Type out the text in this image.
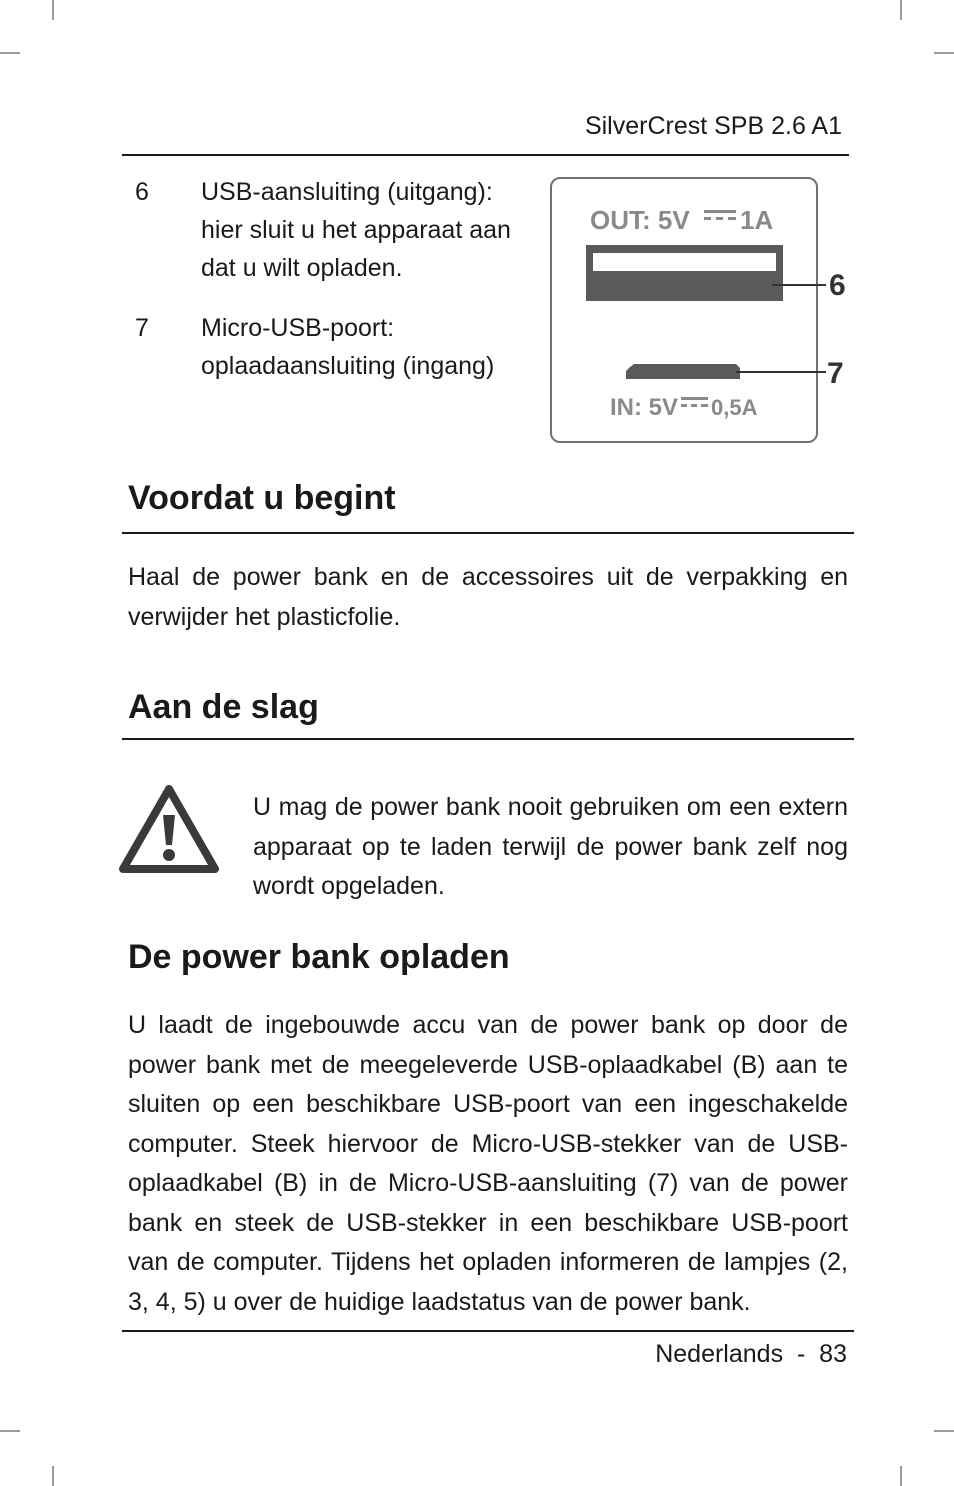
SilverCrest SPB 2.6 A1
6	USB-aansluiting (uitgang): hier sluit u het apparaat aan dat u wilt opladen.
7	Micro-USB-poort: oplaadaansluiting (ingang)
OUT: 5V 1A
6
7
IN: 5V 0,5A
Voordat u begint

Haal de power bank en de accessoires uit de verpakking en verwijder het plasticfolie.

Aan de slag

U mag de power bank nooit gebruiken om een extern apparaat op te laden terwijl de power bank zelf nog wordt opgeladen.

De power bank opladen

U laadt de ingebouwde accu van de power bank op door de power bank met de meegeleverde USB-oplaadkabel (B) aan te sluiten op een beschikbare USB-poort van een ingeschakelde computer. Steek hiervoor de Micro-USB-stekker van de USB-oplaadkabel (B) in de Micro-USB-aansluiting (7) van de power bank en steek de USB-stekker in een beschikbare USB-poort van de computer. Tijdens het opladen informeren de lampjes (2, 3, 4, 5) u over de huidige laadstatus van de power bank.

Nederlands  -  83
